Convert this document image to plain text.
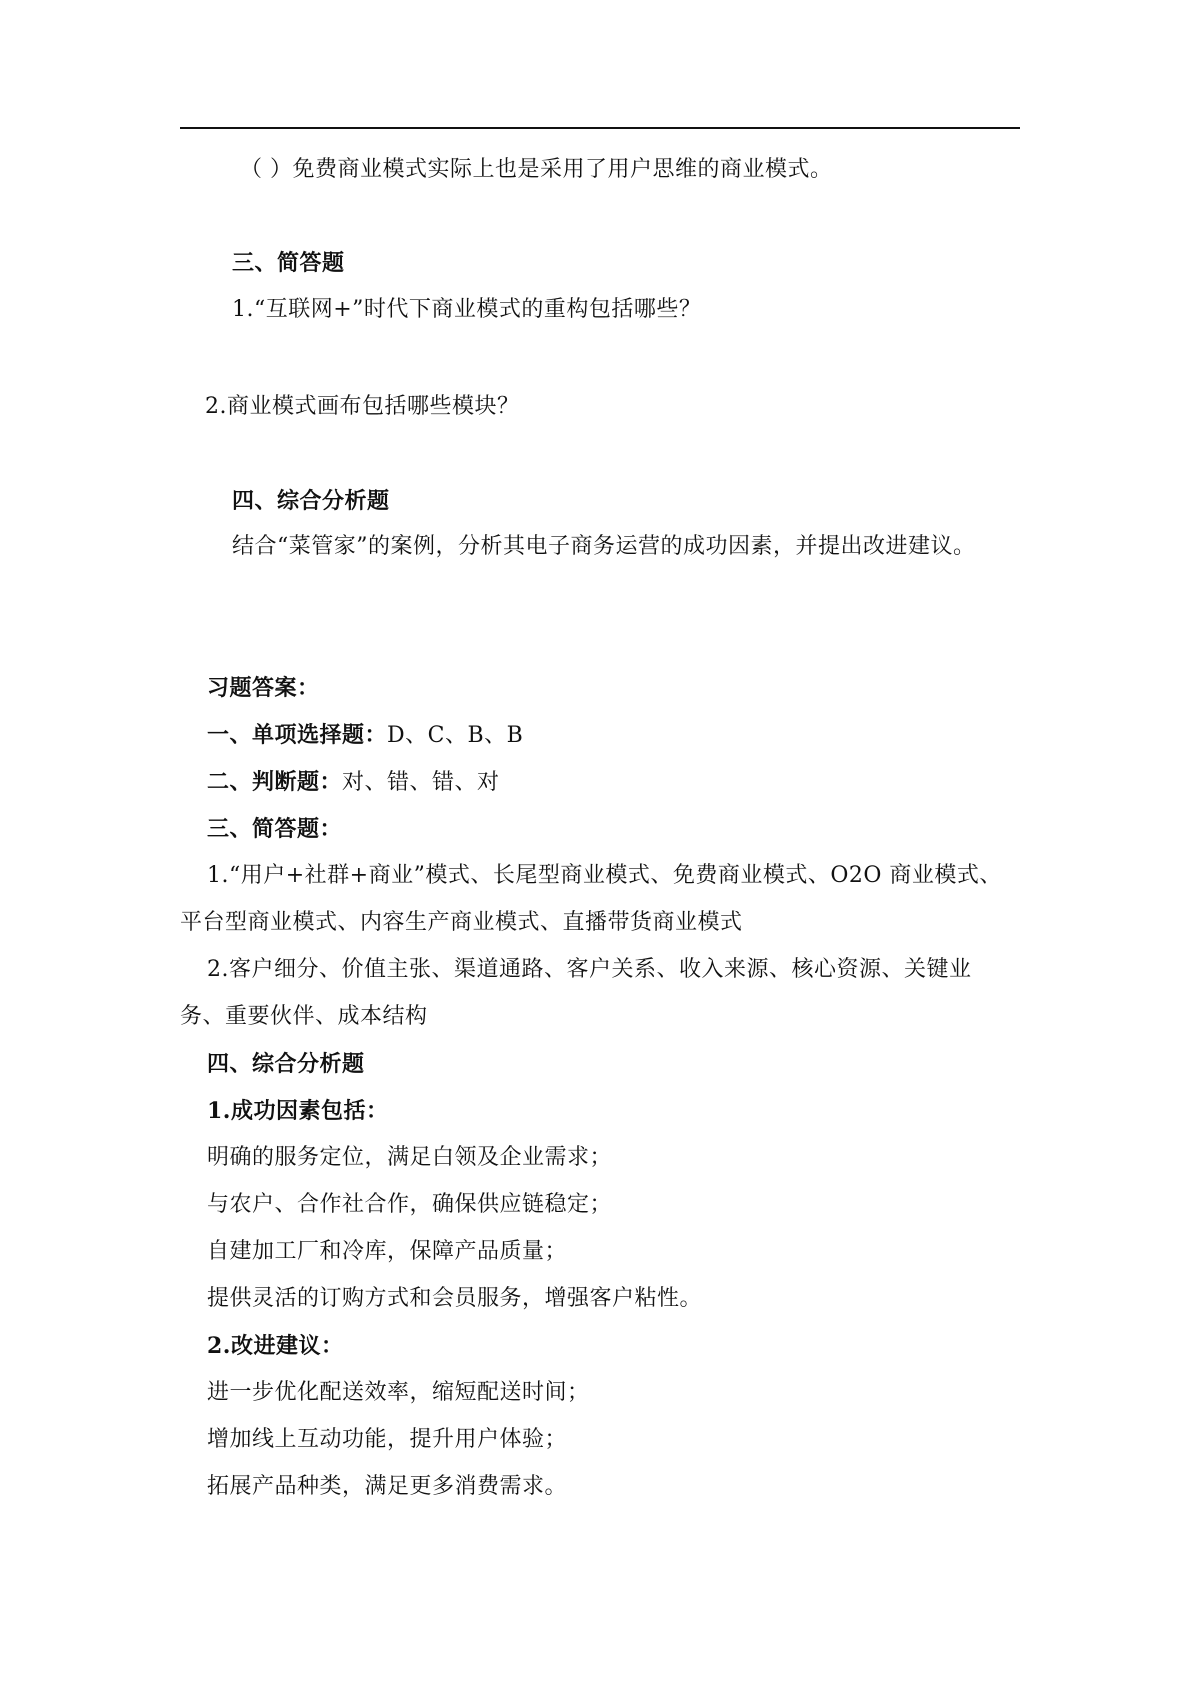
（ ）免费商业模式实际上也是采用了用户思维的商业模式。
三、简答题
1.“互联网+”时代下商业模式的重构包括哪些？
2.商业模式画布包括哪些模块？
四、综合分析题
结合“菜管家”的案例，分析其电子商务运营的成功因素，并提出改进建议。
习题答案：
一、单项选择题：D、C、B、B
二、判断题：对、错、错、对
三、简答题：
1.“用户+社群+商业”模式、长尾型商业模式、免费商业模式、O2O 商业模式、
平台型商业模式、内容生产商业模式、直播带货商业模式
2.客户细分、价值主张、渠道通路、客户关系、收入来源、核心资源、关键业
务、重要伙伴、成本结构
四、综合分析题
1.成功因素包括：
明确的服务定位，满足白领及企业需求；
与农户、合作社合作，确保供应链稳定；
自建加工厂和冷库，保障产品质量；
提供灵活的订购方式和会员服务，增强客户粘性。
2.改进建议：
进一步优化配送效率，缩短配送时间；
增加线上互动功能，提升用户体验；
拓展产品种类，满足更多消费需求。
